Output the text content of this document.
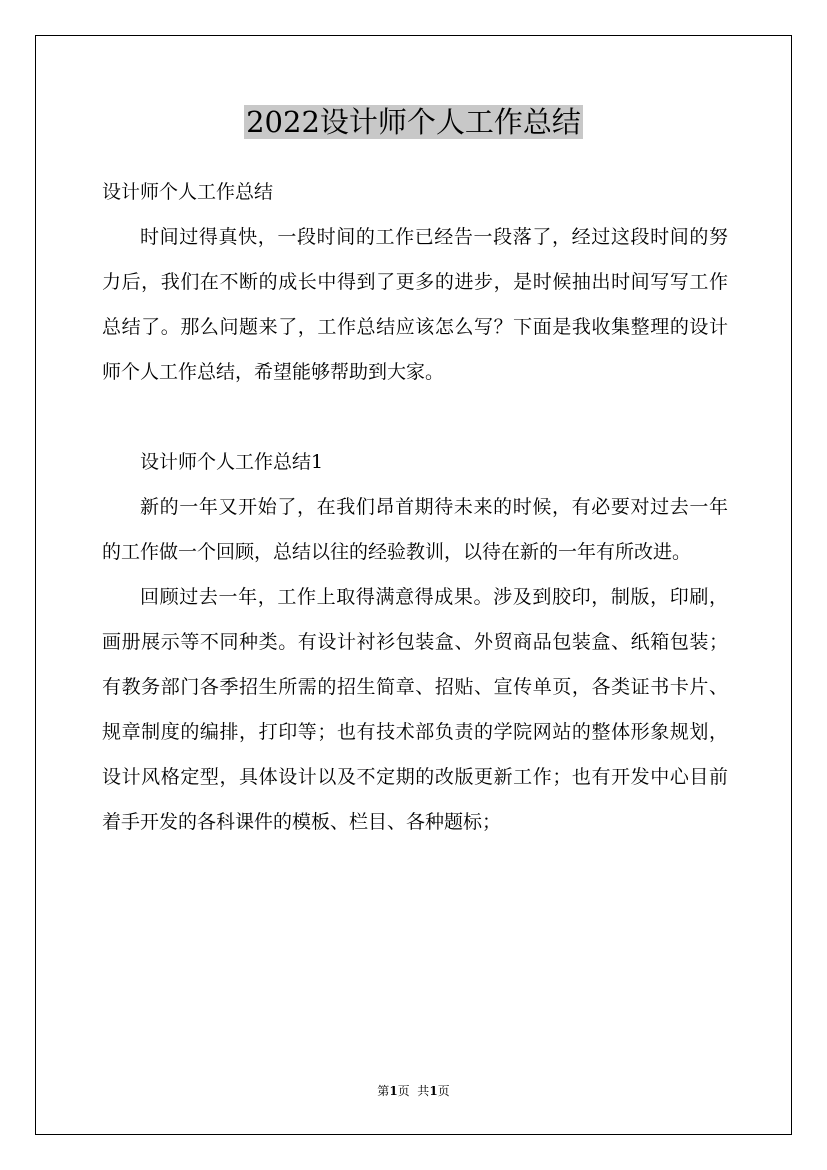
2022设计师个人工作总结

设计师个人工作总结

时间过得真快，一段时间的工作已经告一段落了，经过这段时间的努力后，我们在不断的成长中得到了更多的进步，是时候抽出时间写写工作总结了。那么问题来了，工作总结应该怎么写？下面是我收集整理的设计师个人工作总结，希望能够帮助到大家。

设计师个人工作总结1

新的一年又开始了，在我们昂首期待未来的时候，有必要对过去一年的工作做一个回顾，总结以往的经验教训，以待在新的一年有所改进。

回顾过去一年，工作上取得满意得成果。涉及到胶印，制版，印刷，画册展示等不同种类。有设计衬衫包装盒、外贸商品包装盒、纸箱包装；有教务部门各季招生所需的招生简章、招贴、宣传单页，各类证书卡片、规章制度的编排，打印等；也有技术部负责的学院网站的整体形象规划，设计风格定型，具体设计以及不定期的改版更新工作；也有开发中心目前着手开发的各科课件的模板、栏目、各种题标；

第1页  共1页
